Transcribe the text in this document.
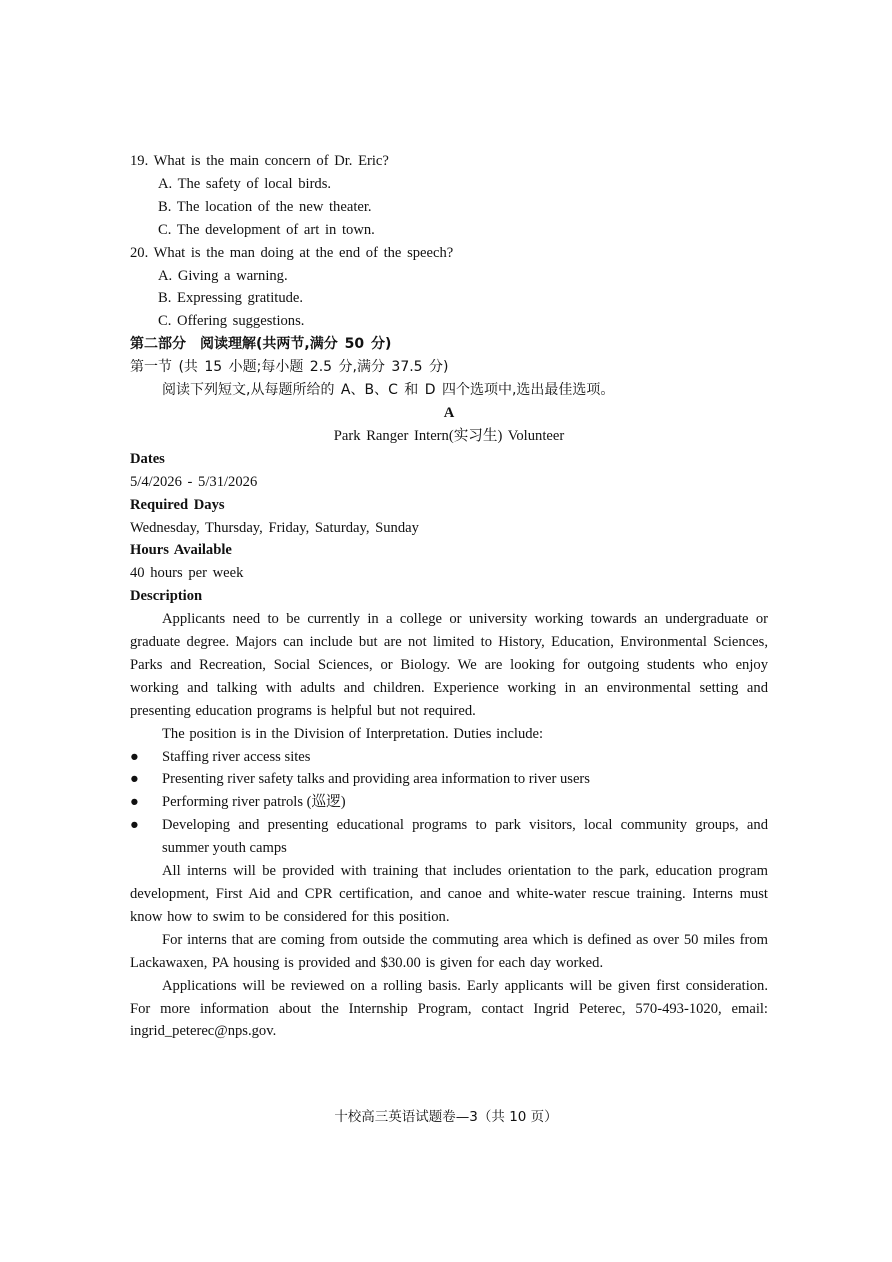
19. What is the main concern of Dr. Eric?
A. The safety of local birds.
B. The location of the new theater.
C. The development of art in town.
20. What is the man doing at the end of the speech?
A. Giving a warning.
B. Expressing gratitude.
C. Offering suggestions.
第二部分　阅读理解(共两节,满分 50 分)
第一节 (共 15 小题;每小题 2.5 分,满分 37.5 分)
阅读下列短文,从每题所给的 A、B、C 和 D 四个选项中,选出最佳选项。
A
Park Ranger Intern(实习生) Volunteer
Dates
5/4/2026 - 5/31/2026
Required Days
Wednesday, Thursday, Friday, Saturday, Sunday
Hours Available
40 hours per week
Description
Applicants need to be currently in a college or university working towards an undergraduate or graduate degree. Majors can include but are not limited to History, Education, Environmental Sciences, Parks and Recreation, Social Sciences, or Biology. We are looking for outgoing students who enjoy working and talking with adults and children. Experience working in an environmental setting and presenting education programs is helpful but not required.
The position is in the Division of Interpretation. Duties include:
●	Staffing river access sites
●	Presenting river safety talks and providing area information to river users
●	Performing river patrols (巡逻)
●	Developing and presenting educational programs to park visitors, local community groups, and summer youth camps
All interns will be provided with training that includes orientation to the park, education program development, First Aid and CPR certification, and canoe and white-water rescue training. Interns must know how to swim to be considered for this position.
For interns that are coming from outside the commuting area which is defined as over 50 miles from Lackawaxen, PA housing is provided and $30.00 is given for each day worked.
Applications will be reviewed on a rolling basis. Early applicants will be given first consideration. For more information about the Internship Program, contact Ingrid Peterec, 570-493-1020, email: ingrid_peterec@nps.gov.
十校高三英语试题卷—3（共 10 页）
